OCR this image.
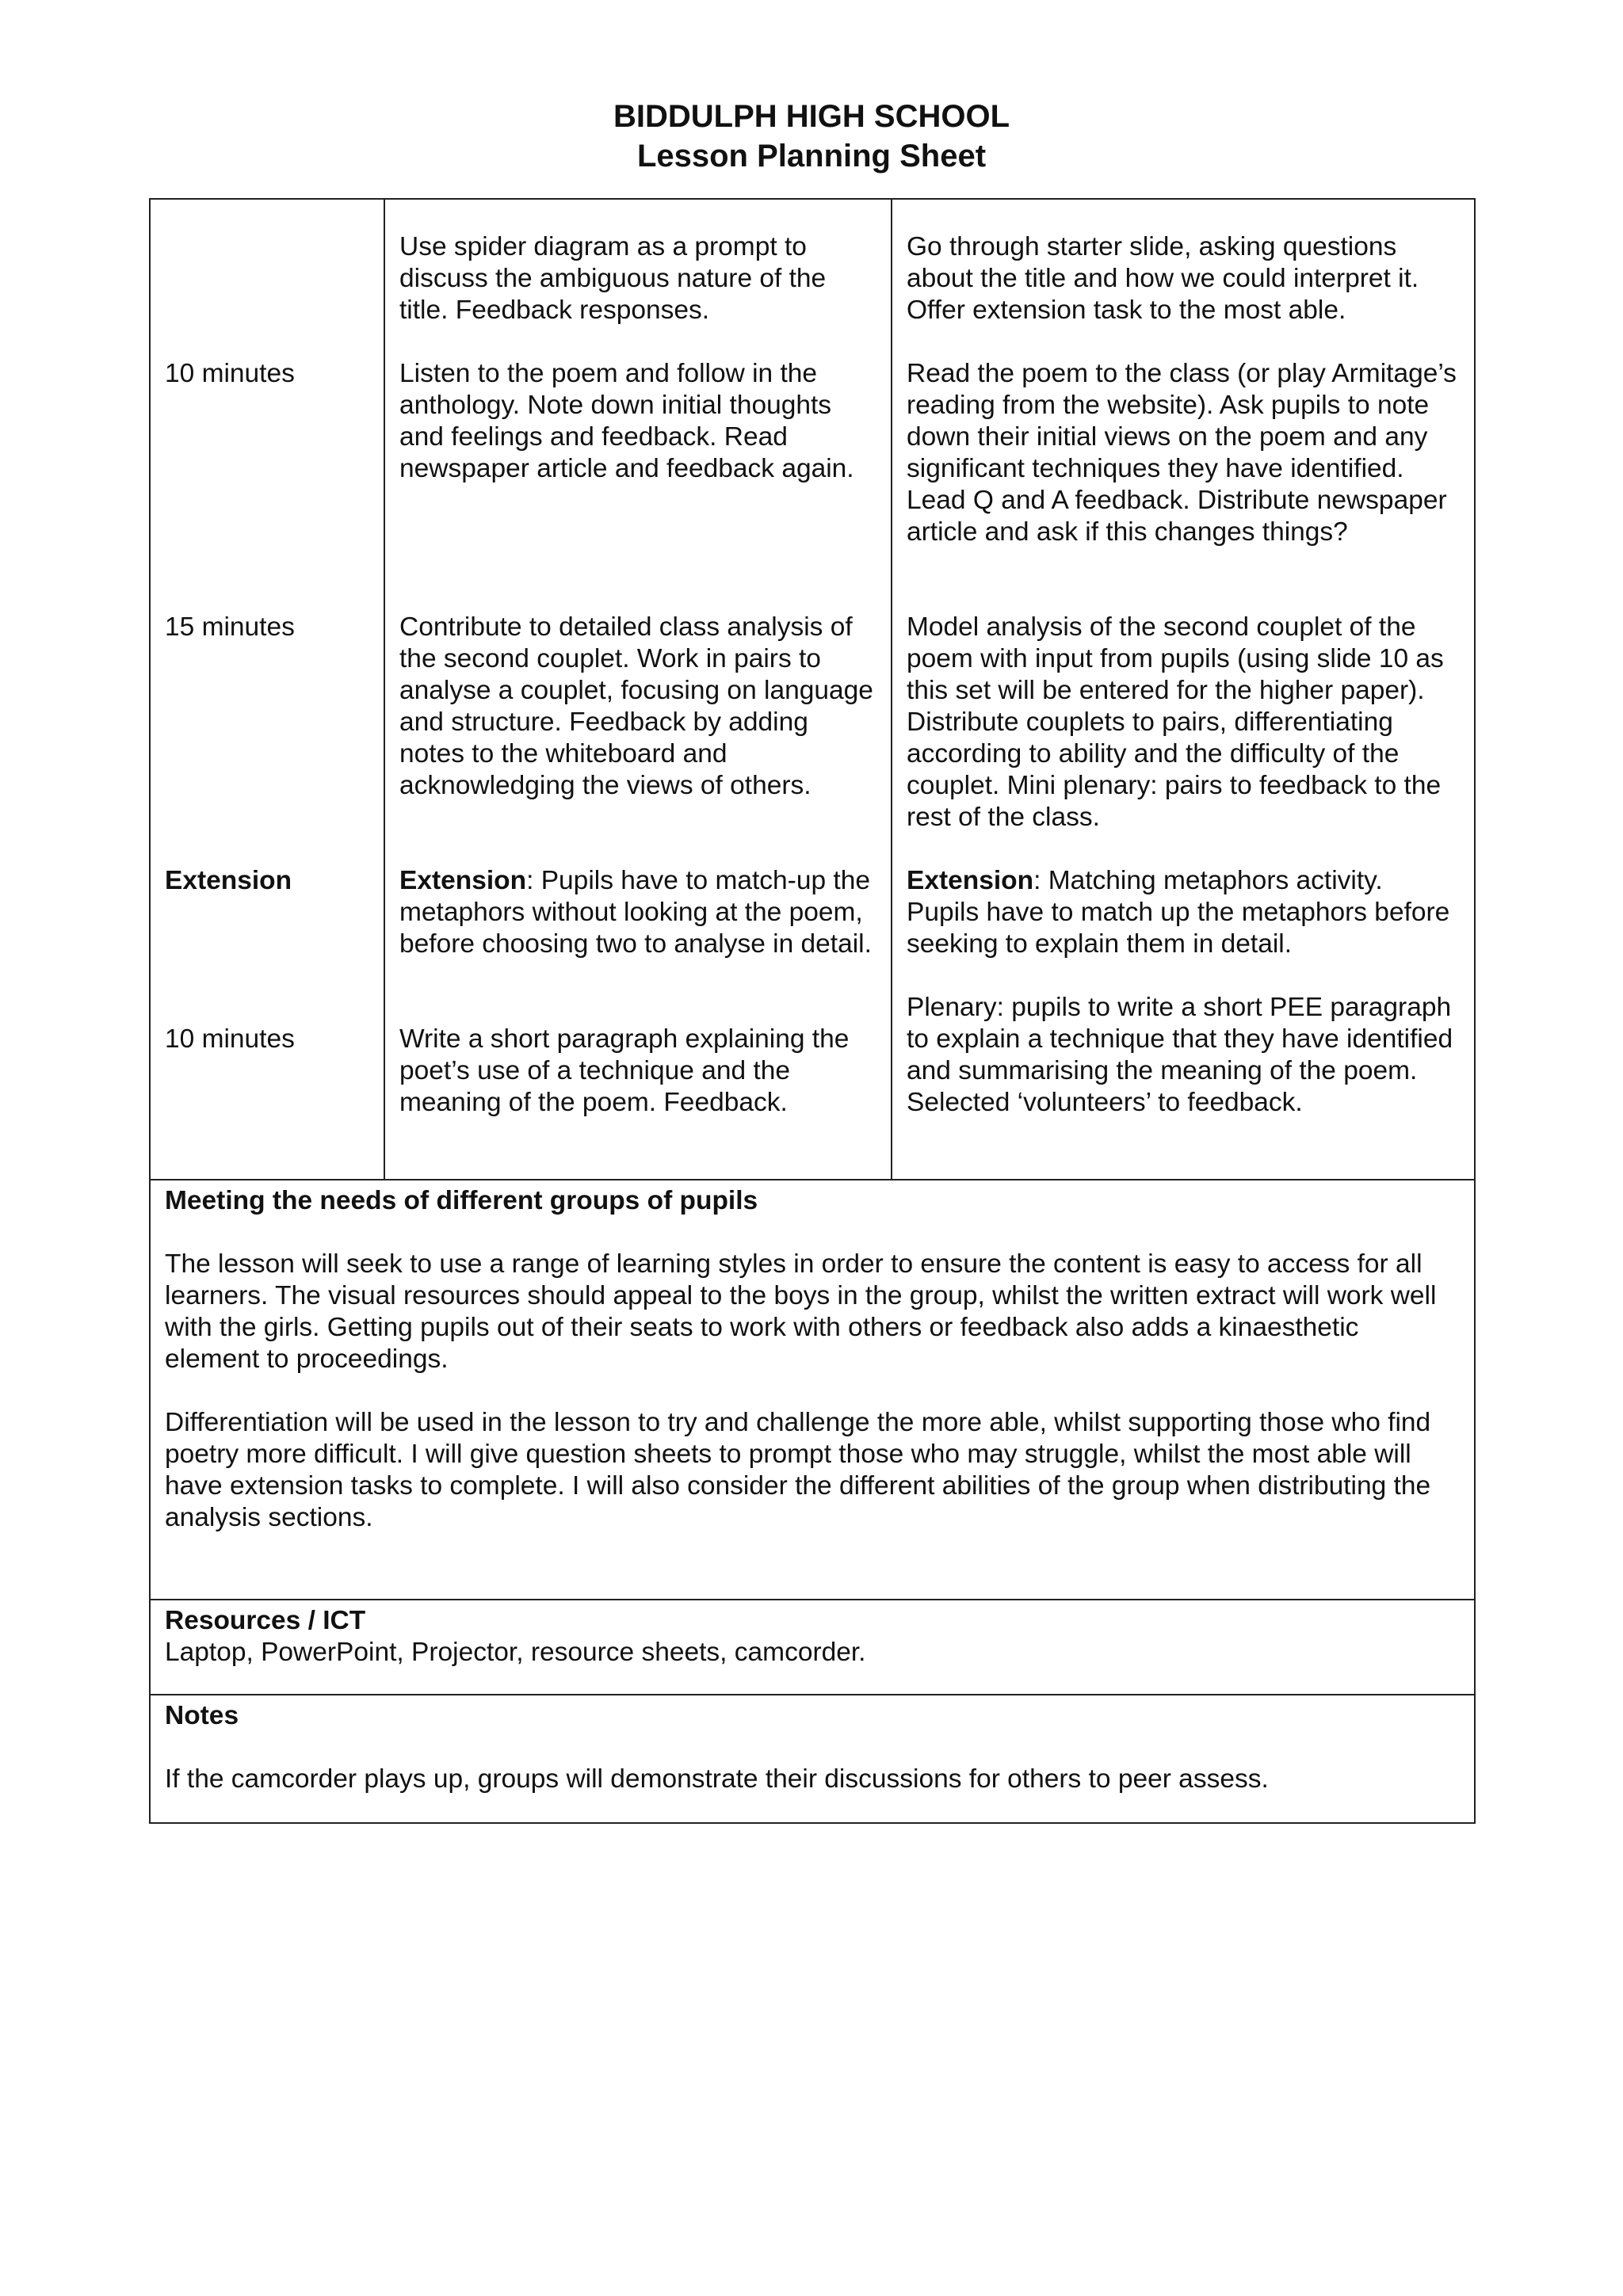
BIDDULPH HIGH SCHOOL
Lesson Planning Sheet

10 minutes

15 minutes

Extension

10 minutes

Use spider diagram as a prompt to discuss the ambiguous nature of the title. Feedback responses.

Listen to the poem and follow in the anthology. Note down initial thoughts and feelings and feedback. Read newspaper article and feedback again.

Contribute to detailed class analysis of the second couplet. Work in pairs to analyse a couplet, focusing on language and structure. Feedback by adding notes to the whiteboard and acknowledging the views of others.

Extension: Pupils have to match-up the metaphors without looking at the poem, before choosing two to analyse in detail.

Write a short paragraph explaining the poet’s use of a technique and the meaning of the poem. Feedback.

Go through starter slide, asking questions about the title and how we could interpret it. Offer extension task to the most able.

Read the poem to the class (or play Armitage’s reading from the website). Ask pupils to note down their initial views on the poem and any significant techniques they have identified. Lead Q and A feedback. Distribute newspaper article and ask if this changes things?

Model analysis of the second couplet of the poem with input from pupils (using slide 10 as this set will be entered for the higher paper). Distribute couplets to pairs, differentiating according to ability and the difficulty of the couplet. Mini plenary: pairs to feedback to the rest of the class.

Extension: Matching metaphors activity. Pupils have to match up the metaphors before seeking to explain them in detail.

Plenary: pupils to write a short PEE paragraph to explain a technique that they have identified and summarising the meaning of the poem. Selected ‘volunteers’ to feedback.

Meeting the needs of different groups of pupils

The lesson will seek to use a range of learning styles in order to ensure the content is easy to access for all learners. The visual resources should appeal to the boys in the group, whilst the written extract will work well with the girls. Getting pupils out of their seats to work with others or feedback also adds a kinaesthetic element to proceedings.

Differentiation will be used in the lesson to try and challenge the more able, whilst supporting those who find poetry more difficult. I will give question sheets to prompt those who may struggle, whilst the most able will have extension tasks to complete. I will also consider the different abilities of the group when distributing the analysis sections.

Resources / ICT

Laptop, PowerPoint, Projector, resource sheets, camcorder.

Notes

If the camcorder plays up, groups will demonstrate their discussions for others to peer assess.
